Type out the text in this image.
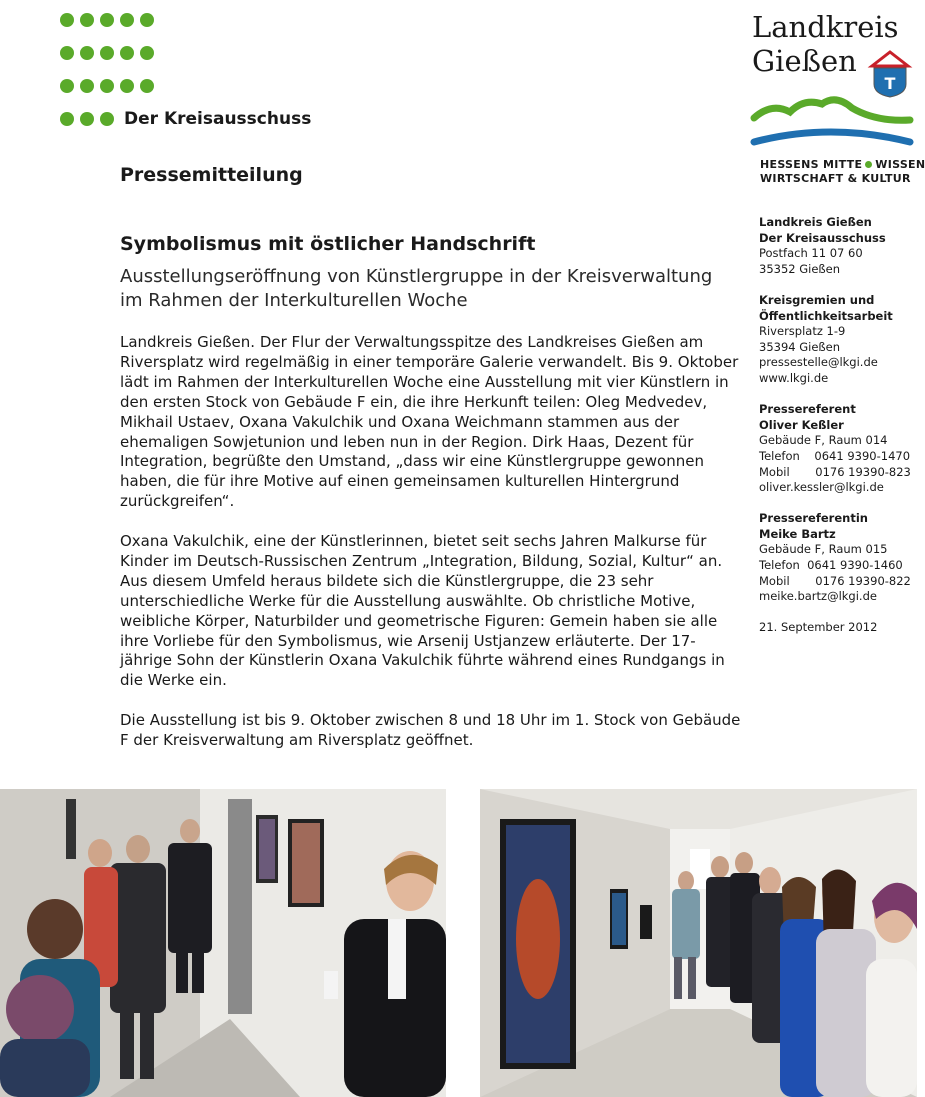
Der Kreisausschuss
Pressemitteilung
Landkreis
Gießen
T
HESSENS MITTE WISSEN
WIRTSCHAFT & KULTUR
Symbolismus mit östlicher Handschrift
Ausstellungseröffnung von Künstlergruppe in der Kreisverwaltung im Rahmen der Interkulturellen Woche

Landkreis Gießen. Der Flur der Verwaltungsspitze des Landkreises Gießen am Riversplatz wird regelmäßig in einer temporäre Galerie verwandelt. Bis 9. Oktober lädt im Rahmen der Interkulturellen Woche eine Ausstellung mit vier Künstlern in den ersten Stock von Gebäude F ein, die ihre Herkunft teilen: Oleg Medvedev, Mikhail Ustaev, Oxana Vakulchik und Oxana Weichmann stammen aus der ehemaligen Sowjetunion und leben nun in der Region. Dirk Haas, Dezent für Integration, begrüßte den Umstand, „dass wir eine Künstlergruppe gewonnen haben, die für ihre Motive auf einen gemeinsamen kulturellen Hintergrund zurückgreifen“.

Oxana Vakulchik, eine der Künstlerinnen, bietet seit sechs Jahren Malkurse für Kinder im Deutsch-Russischen Zentrum „Integration, Bildung, Sozial, Kultur“ an. Aus diesem Umfeld heraus bildete sich die Künstlergruppe, die 23 sehr unterschiedliche Werke für die Ausstellung auswählte. Ob christliche Motive, weibliche Körper, Naturbilder und geometrische Figuren: Gemein haben sie alle ihre Vorliebe für den Symbolismus, wie Arsenij Ustjanzew erläuterte. Der 17-jährige Sohn der Künstlerin Oxana Vakulchik führte während eines Rundgangs in die Werke ein.

Die Ausstellung ist bis 9. Oktober zwischen 8 und 18 Uhr im 1. Stock von Gebäude F der Kreisverwaltung am Riversplatz geöffnet.

Landkreis Gießen
Der Kreisausschuss
Postfach 11 07 60
35352 Gießen
Kreisgremien und
Öffentlichkeitsarbeit
Riversplatz 1-9
35394 Gießen
pressestelle@lkgi.de
www.lkgi.de
Pressereferent
Oliver Keßler
Gebäude F, Raum 014
Telefon 0641 9390-1470
Mobil 0176 19390-823
oliver.kessler@lkgi.de
Pressereferentin
Meike Bartz
Gebäude F, Raum 015
Telefon 0641 9390-1460
Mobil 0176 19390-822
meike.bartz@lkgi.de
21. September 2012
